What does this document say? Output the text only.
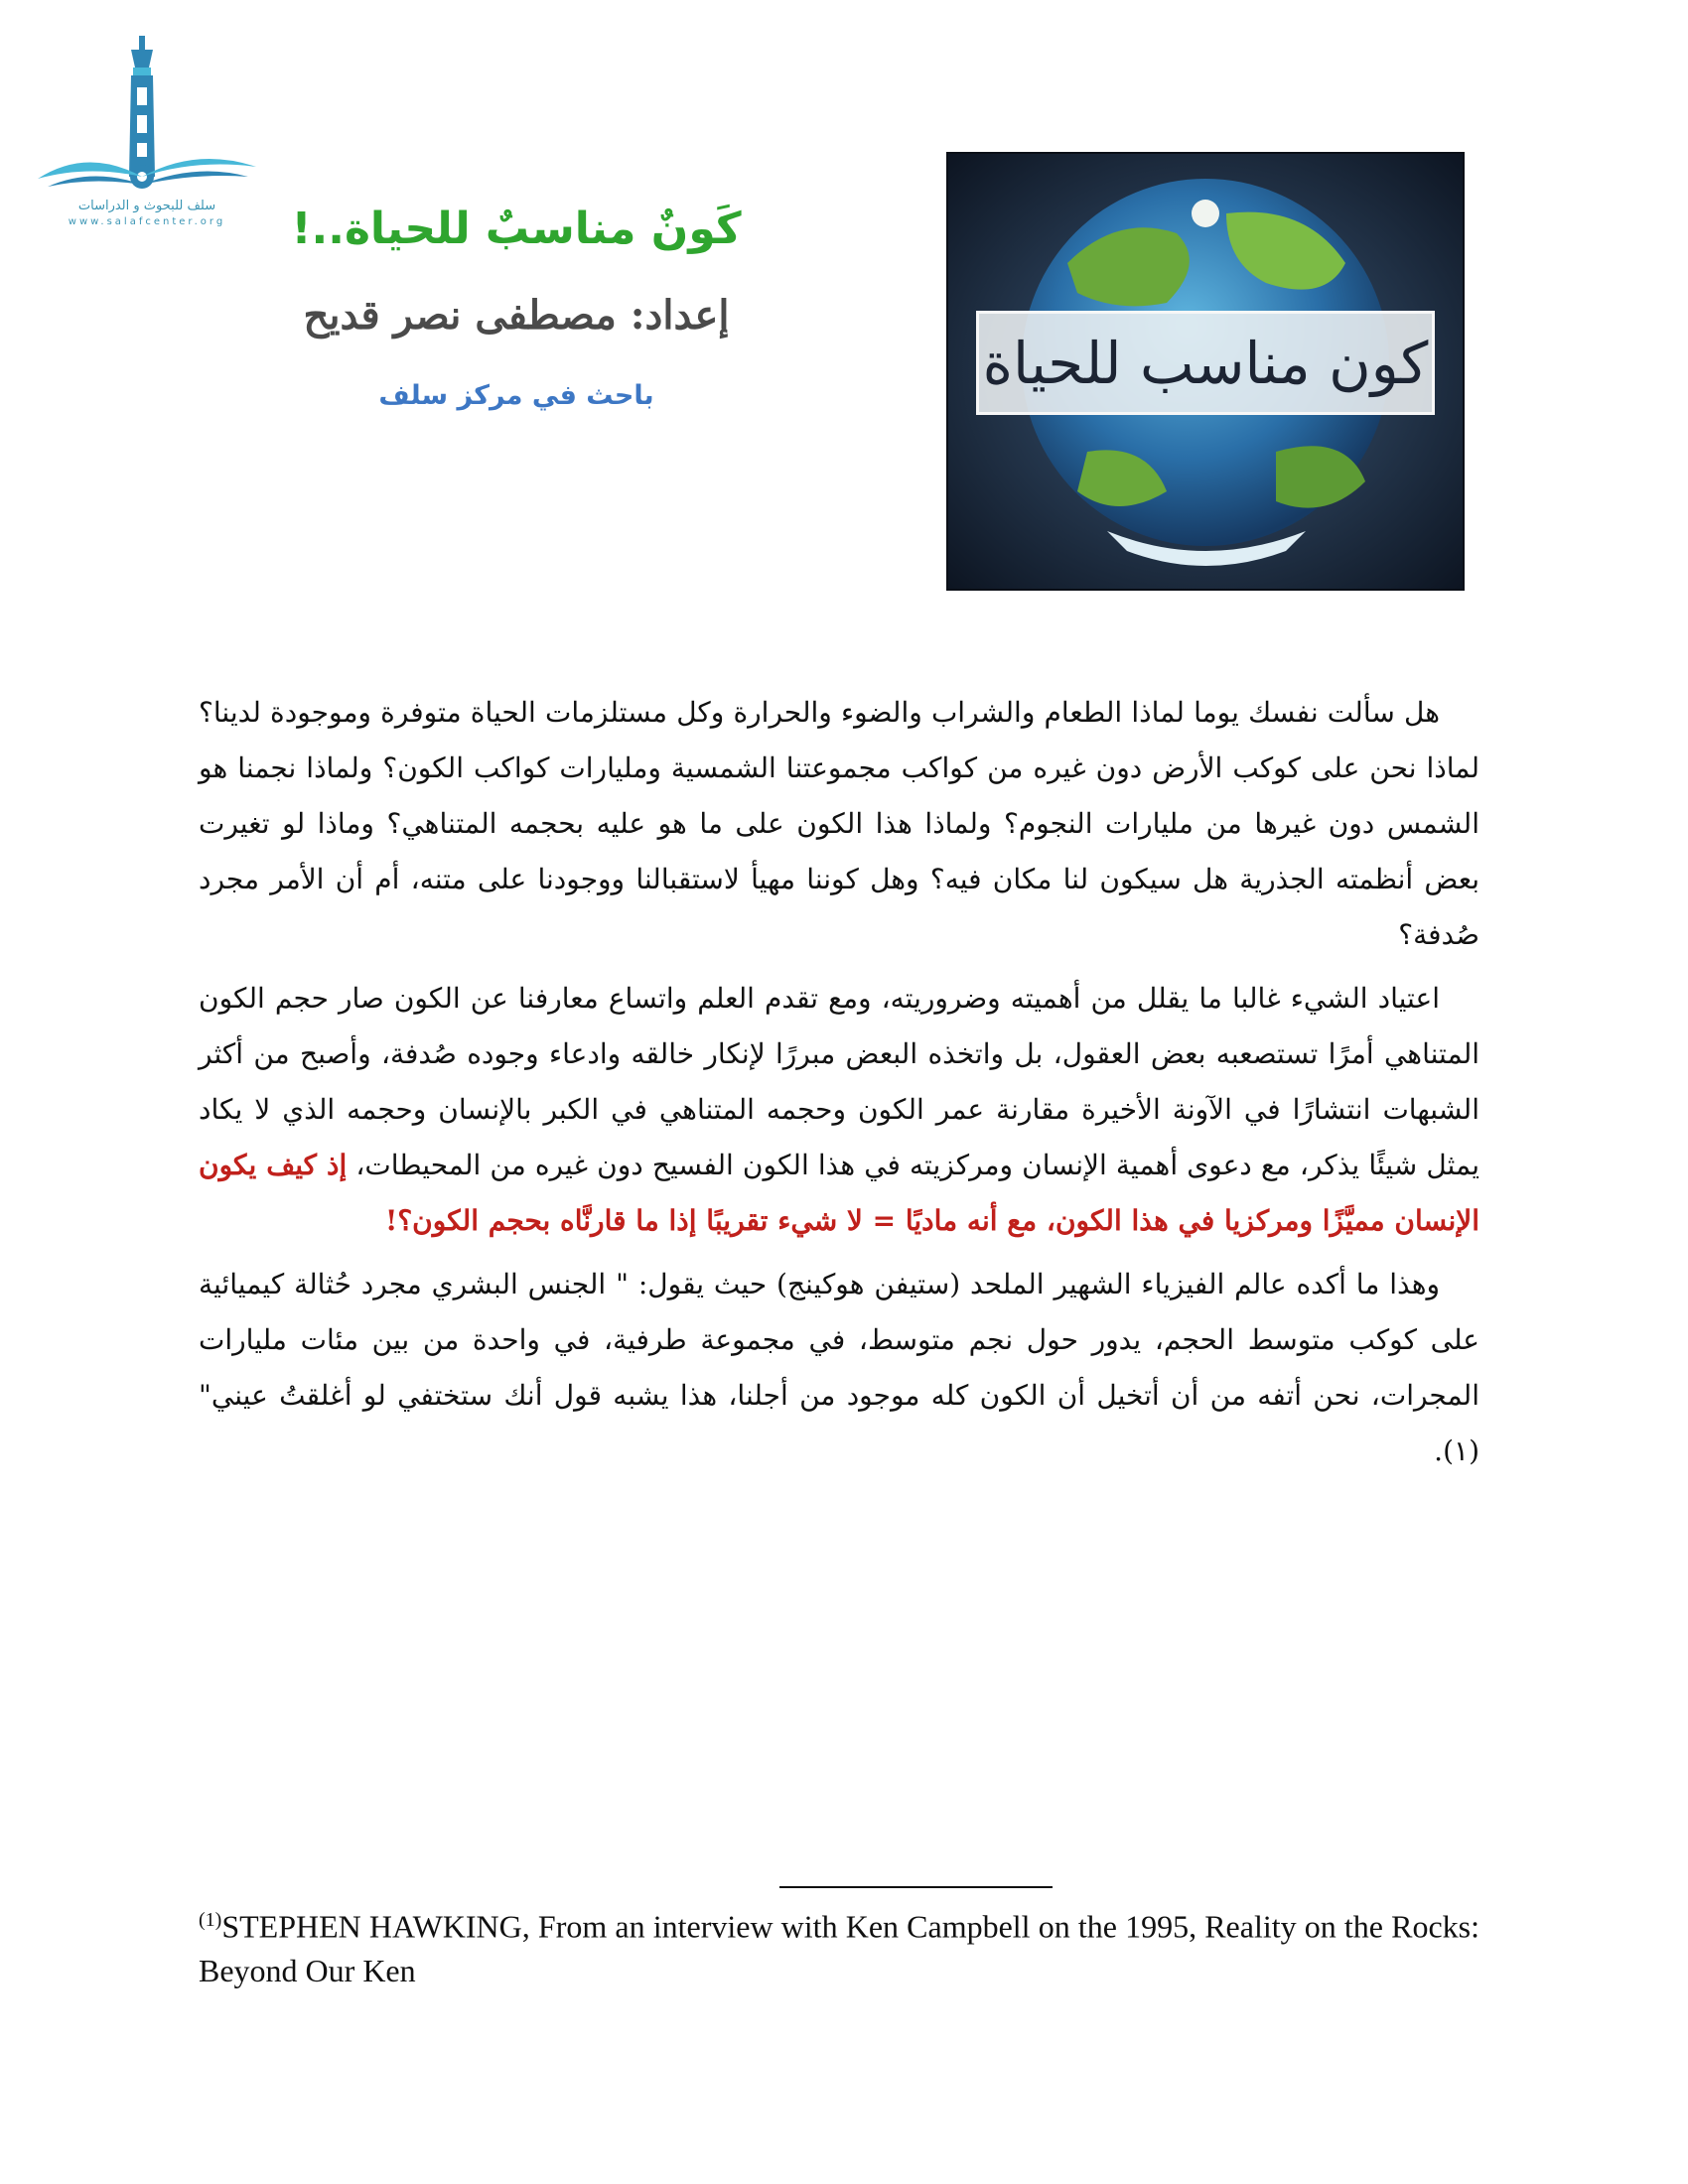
سلف للبحوث و الدراسات
www.salafcenter.org	كَونٌ مناسبٌ للحياة..!
إعداد: مصطفى نصر قديح
باحث في مركز سلف	كون مناسب للحياة

هل سألت نفسك يوما لماذا الطعام والشراب والضوء والحرارة وكل مستلزمات الحياة متوفرة وموجودة لدينا؟ لماذا نحن على كوكب الأرض دون غيره من كواكب مجموعتنا الشمسية ومليارات كواكب الكون؟ ولماذا نجمنا هو الشمس دون غيرها من مليارات النجوم؟ ولماذا هذا الكون على ما هو عليه بحجمه المتناهي؟ وماذا لو تغيرت بعض أنظمته الجذرية هل سيكون لنا مكان فيه؟ وهل كوننا مهيأ لاستقبالنا ووجودنا على متنه، أم أن الأمر مجرد صُدفة؟

اعتياد الشيء غالبا ما يقلل من أهميته وضروريته، ومع تقدم العلم واتساع معارفنا عن الكون صار حجم الكون المتناهي أمرًا تستصعبه بعض العقول، بل واتخذه البعض مبررًا لإنكار خالقه وادعاء وجوده صُدفة، وأصبح من أكثر الشبهات انتشارًا في الآونة الأخيرة مقارنة عمر الكون وحجمه المتناهي في الكبر بالإنسان وحجمه الذي لا يكاد يمثل شيئًا يذكر، مع دعوى أهمية الإنسان ومركزيته في هذا الكون الفسيح دون غيره من المحيطات، إذ كيف يكون الإنسان مميَّزًا ومركزيا في هذا الكون، مع أنه ماديًا = لا شيء تقريبًا إذا ما قارنَّاه بحجم الكون؟!

وهذا ما أكده عالم الفيزياء الشهير الملحد (ستيفن هوكينج) حيث يقول: " الجنس البشري مجرد حُثالة كيميائية على كوكب متوسط الحجم، يدور حول نجم متوسط، في مجموعة طرفية، في واحدة من بين مئات مليارات المجرات، نحن أتفه من أن أتخيل أن الكون كله موجود من أجلنا، هذا يشبه قول أنك ستختفي لو أغلقتُ عيني"(١).

$^{(1)}$STEPHEN HAWKING, From an interview with Ken Campbell on the 1995, Reality on the Rocks: Beyond Our Ken
